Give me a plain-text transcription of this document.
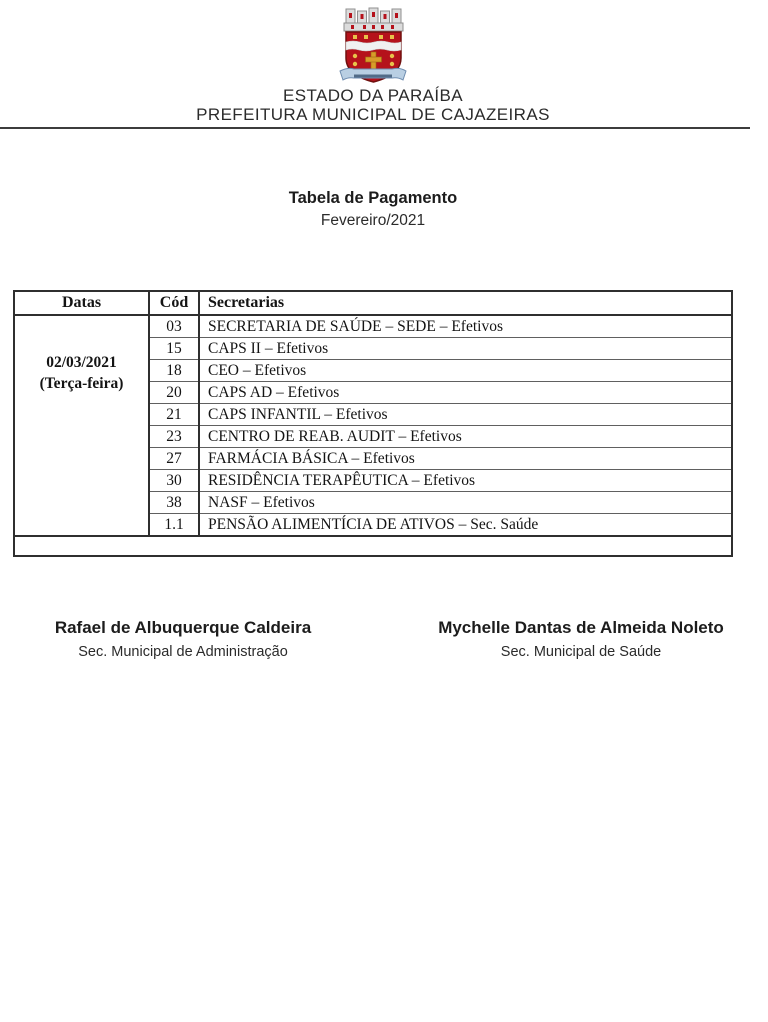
ESTADO DA PARAÍBA
PREFEITURA MUNICIPAL DE CAJAZEIRAS
Tabela de Pagamento
Fevereiro/2021
Datas	Cód	Secretarias

02/03/2021
(Terça-feira)	03	SECRETARIA DE SAÚDE – SEDE – Efetivos
	15	CAPS II – Efetivos
	18	CEO – Efetivos
	20	CAPS AD – Efetivos
	21	CAPS INFANTIL – Efetivos
	23	CENTRO DE REAB. AUDIT – Efetivos
	27	FARMÁCIA BÁSICA – Efetivos
	30	RESIDÊNCIA TERAPÊUTICA – Efetivos
	38	NASF – Efetivos
	1.1	PENSÃO ALIMENTÍCIA DE ATIVOS – Sec. Saúde

Rafael de Albuquerque Caldeira
Sec. Municipal de Administração
Mychelle Dantas de Almeida Noleto
Sec. Municipal de Saúde
